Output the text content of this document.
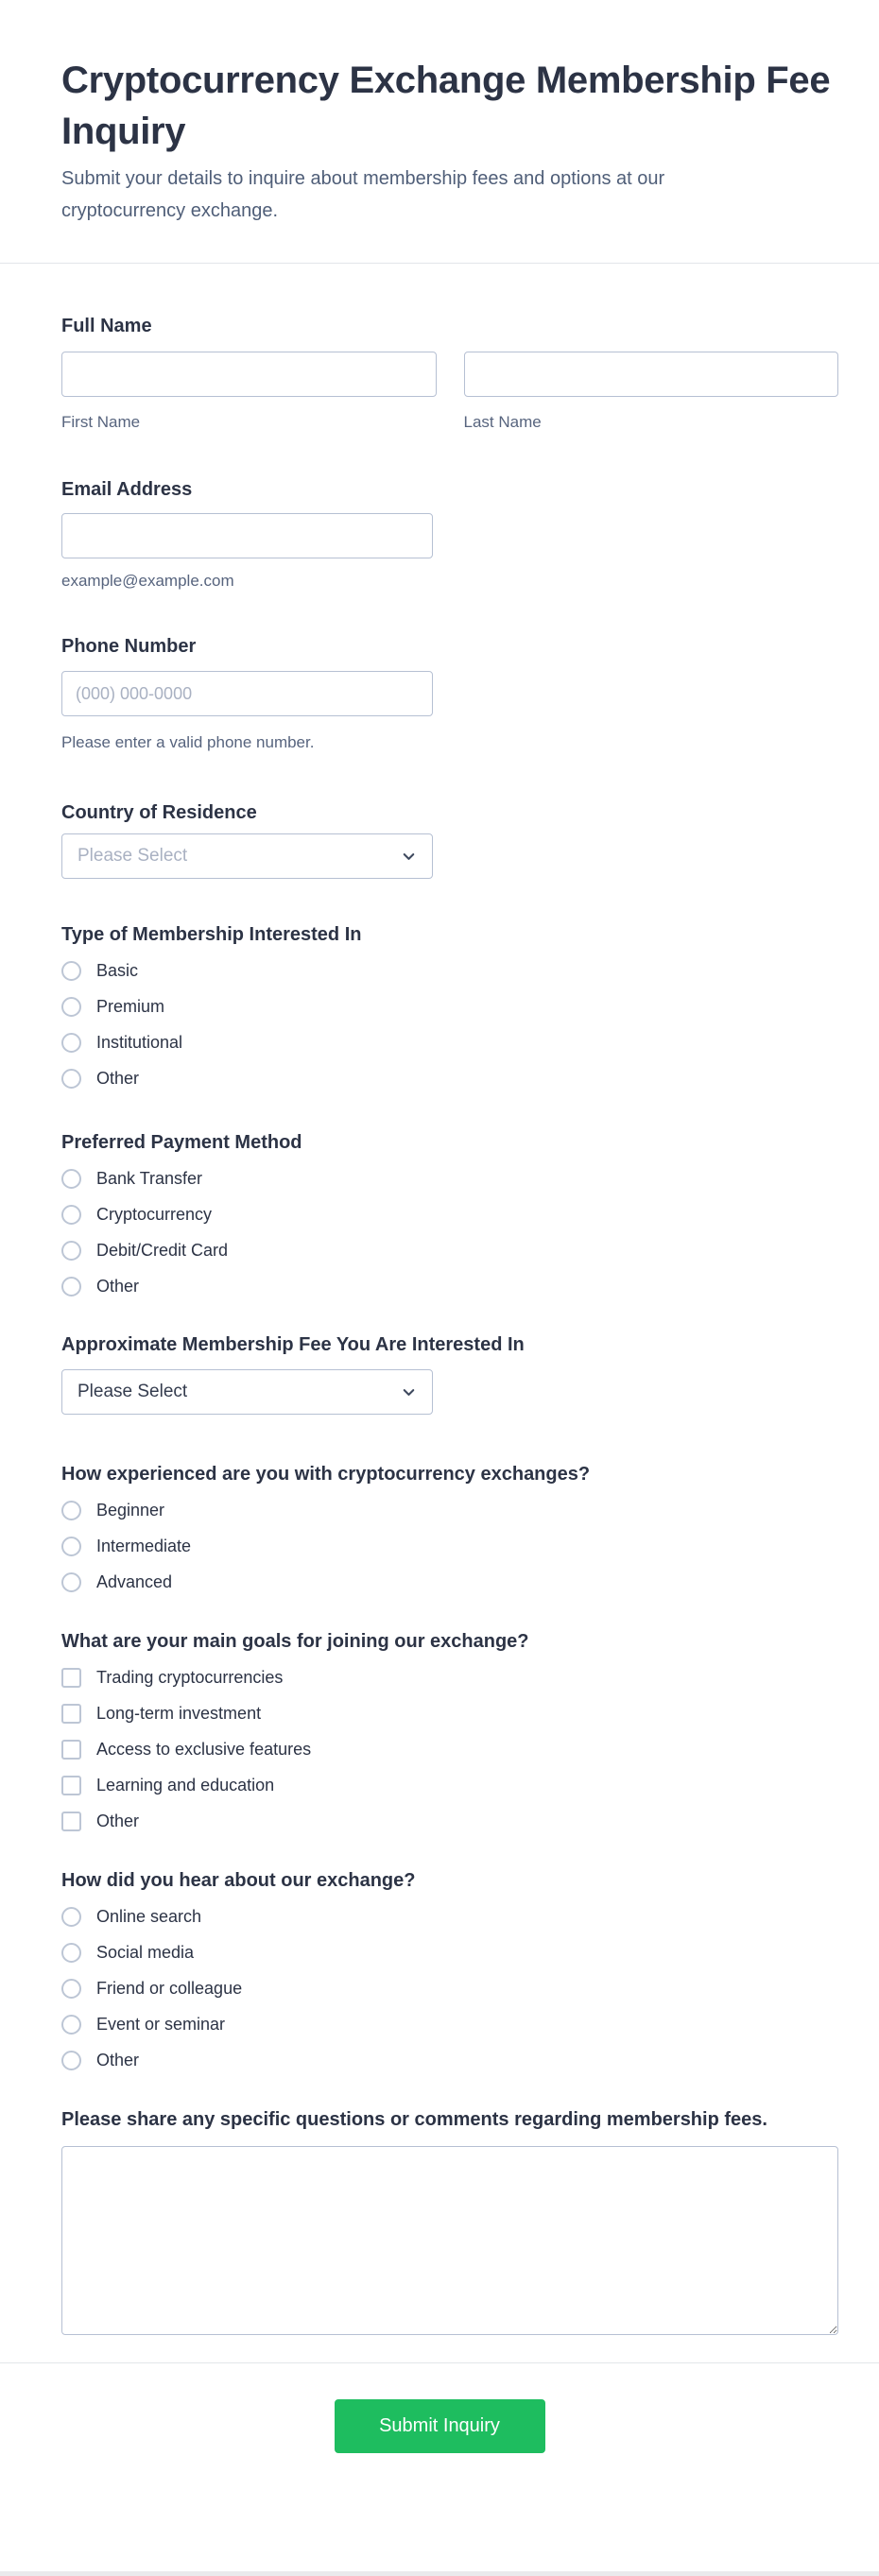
Cryptocurrency Exchange Membership Fee Inquiry
Submit your details to inquire about membership fees and options at our cryptocurrency exchange.
Full Name
First Name	Last Name
Email Address
example@example.com
Phone Number
(000) 000-0000
Please enter a valid phone number.
Country of Residence
Please Select
Type of Membership Interested In
Basic
Premium
Institutional
Other
Preferred Payment Method
Bank Transfer
Cryptocurrency
Debit/Credit Card
Other
Approximate Membership Fee You Are Interested In
Please Select
How experienced are you with cryptocurrency exchanges?
Beginner
Intermediate
Advanced
What are your main goals for joining our exchange?
Trading cryptocurrencies
Long-term investment
Access to exclusive features
Learning and education
Other
How did you hear about our exchange?
Online search
Social media
Friend or colleague
Event or seminar
Other
Please share any specific questions or comments regarding membership fees.
Submit Inquiry
